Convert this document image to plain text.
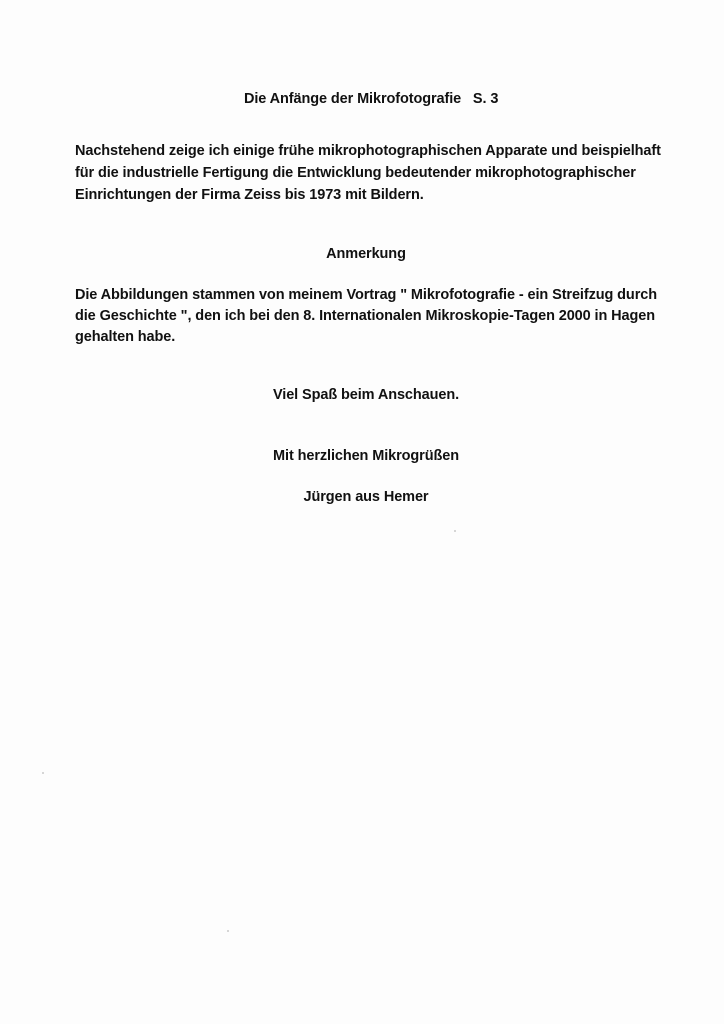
Die Anfänge der Mikrofotografie   S. 3
Nachstehend zeige ich einige frühe mikrophotographischen Apparate und beispielhaft
für die industrielle Fertigung die Entwicklung bedeutender mikrophotographischer
Einrichtungen der Firma Zeiss bis 1973 mit Bildern.
Anmerkung
Die Abbildungen stammen von meinem Vortrag " Mikrofotografie - ein Streifzug durch
die Geschichte ", den ich bei den 8. Internationalen Mikroskopie-Tagen 2000 in Hagen
gehalten habe.
Viel Spaß beim Anschauen.
Mit herzlichen Mikrogrüßen
Jürgen aus Hemer
